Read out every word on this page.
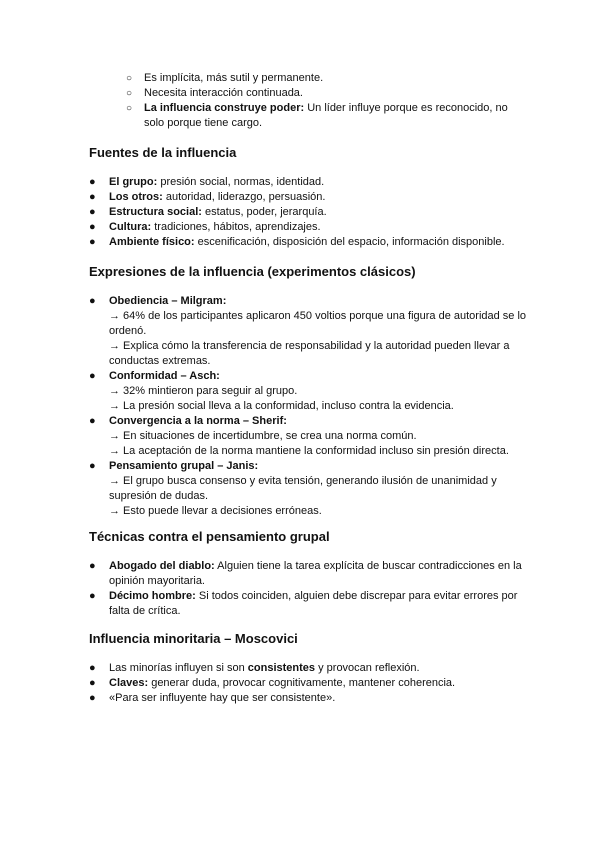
○ Es implícita, más sutil y permanente.

○ Necesita interacción continuada.

○ La influencia construye poder: Un líder influye porque es reconocido, no solo porque tiene cargo.

Fuentes de la influencia

● El grupo: presión social, normas, identidad.

● Los otros: autoridad, liderazgo, persuasión.

● Estructura social: estatus, poder, jerarquía.

● Cultura: tradiciones, hábitos, aprendizajes.

● Ambiente físico: escenificación, disposición del espacio, información disponible.

Expresiones de la influencia (experimentos clásicos)

● Obediencia – Milgram:
→ 64% de los participantes aplicaron 450 voltios porque una figura de autoridad se lo ordenó.
→ Explica cómo la transferencia de responsabilidad y la autoridad pueden llevar a conductas extremas.

● Conformidad – Asch:
→ 32% mintieron para seguir al grupo.
→ La presión social lleva a la conformidad, incluso contra la evidencia.

● Convergencia a la norma – Sherif:
→ En situaciones de incertidumbre, se crea una norma común.
→ La aceptación de la norma mantiene la conformidad incluso sin presión directa.

● Pensamiento grupal – Janis:
→ El grupo busca consenso y evita tensión, generando ilusión de unanimidad y supresión de dudas.
→ Esto puede llevar a decisiones erróneas.

Técnicas contra el pensamiento grupal

● Abogado del diablo: Alguien tiene la tarea explícita de buscar contradicciones en la opinión mayoritaria.

● Décimo hombre: Si todos coinciden, alguien debe discrepar para evitar errores por falta de crítica.

Influencia minoritaria – Moscovici

● Las minorías influyen si son consistentes y provocan reflexión.

● Claves: generar duda, provocar cognitivamente, mantener coherencia.

● «Para ser influyente hay que ser consistente».
